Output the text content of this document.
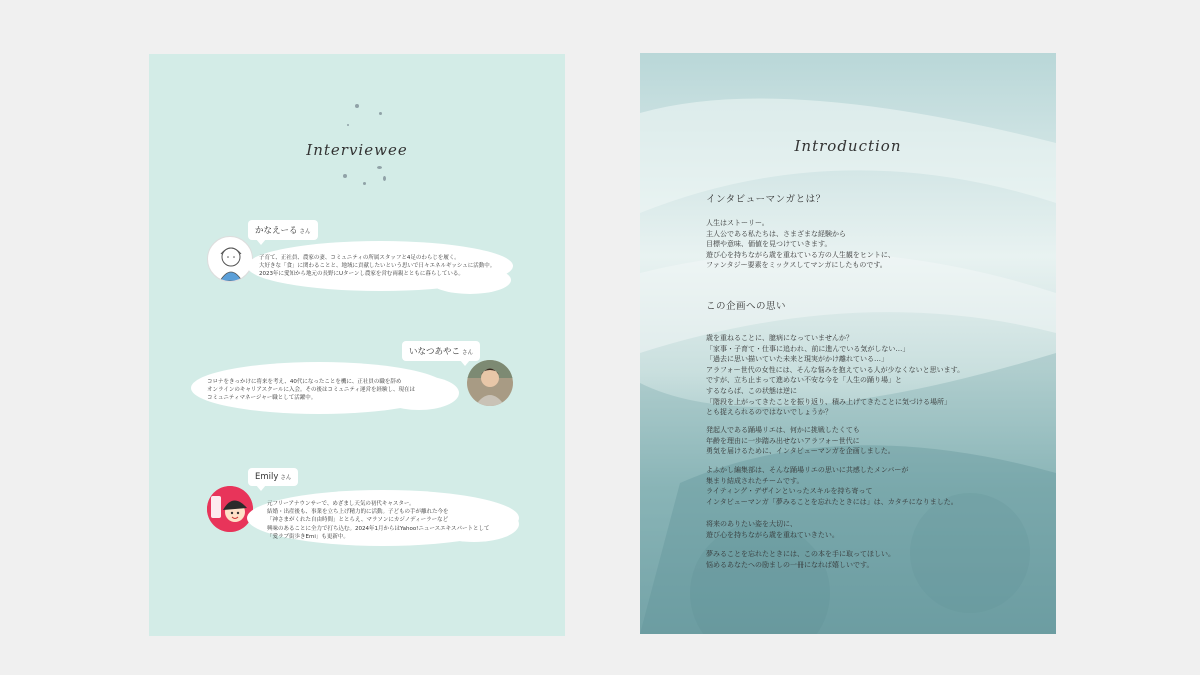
Interviewee
かなえーる さん
子育て、正社員、農家の妻、コミュニティの所属スタッフと4足のわらじを履く。
大好きな「食」に関わることと、地域に貢献したいという思いで日々エネルギッシュに活動中。
2023年に愛知から地元の長野にUターンし農家を営む両親とともに暮らしている。
いなつあやこ さん
コロナをきっかけに将来を考え、40代になったことを機に、正社員の職を辞め
オンラインのキャリアスクールに入会。その後はコミュニティ運営を経験し、現在は
コミュニティマネージャー職として活躍中。
Emily さん
元フリーアナウンサーで、めざまし天気の初代キャスター。
結婚・出産後も、事業を立ち上げ精力的に活動。子どもの手が離れた今を
「神さまがくれた自由時間」ととらえ、マラソンにカジノディーラーなど
興味のあることに全力で打ち込む。2024年1月からはYahoo!ニュースエキスパートとして
「愛ラブ街歩きEmi」も更新中。
Introduction
インタビューマンガとは？
人生はストーリー。
主人公である私たちは、さまざまな経験から
目標や意味、価値を見つけていきます。
遊び心を持ちながら歳を重ねている方の人生観をヒントに、
ファンタジー要素をミックスしてマンガにしたものです。
この企画への思い
歳を重ねることに、臆病になっていませんか？
「家事・子育て・仕事に追われ、前に進んでいる気がしない…」
「過去に思い描いていた未来と現実がかけ離れている…」
アラフォー世代の女性には、そんな悩みを抱えている人が少なくないと思います。
ですが、立ち止まって進めない不安な今を「人生の踊り場」と
するならば、この状態は逆に
「階段を上がってきたことを振り返り、積み上げてきたことに気づける場所」
とも捉えられるのではないでしょうか？
発起人である踊場リエは、何かに挑戦したくても
年齢を理由に一歩踏み出せないアラフォー世代に
勇気を届けるために、インタビューマンガを企画しました。
よふかし編集部は、そんな踊場リエの思いに共感したメンバーが
集まり結成されたチームです。
ライティング・デザインといったスキルを持ち寄って
インタビューマンガ「夢みることを忘れたときには」は、カタチになりました。
将来のありたい姿を大切に、
遊び心を持ちながら歳を重ねていきたい。
夢みることを忘れたときには、この本を手に取ってほしい。
悩めるあなたへの励ましの一冊になれば嬉しいです。
